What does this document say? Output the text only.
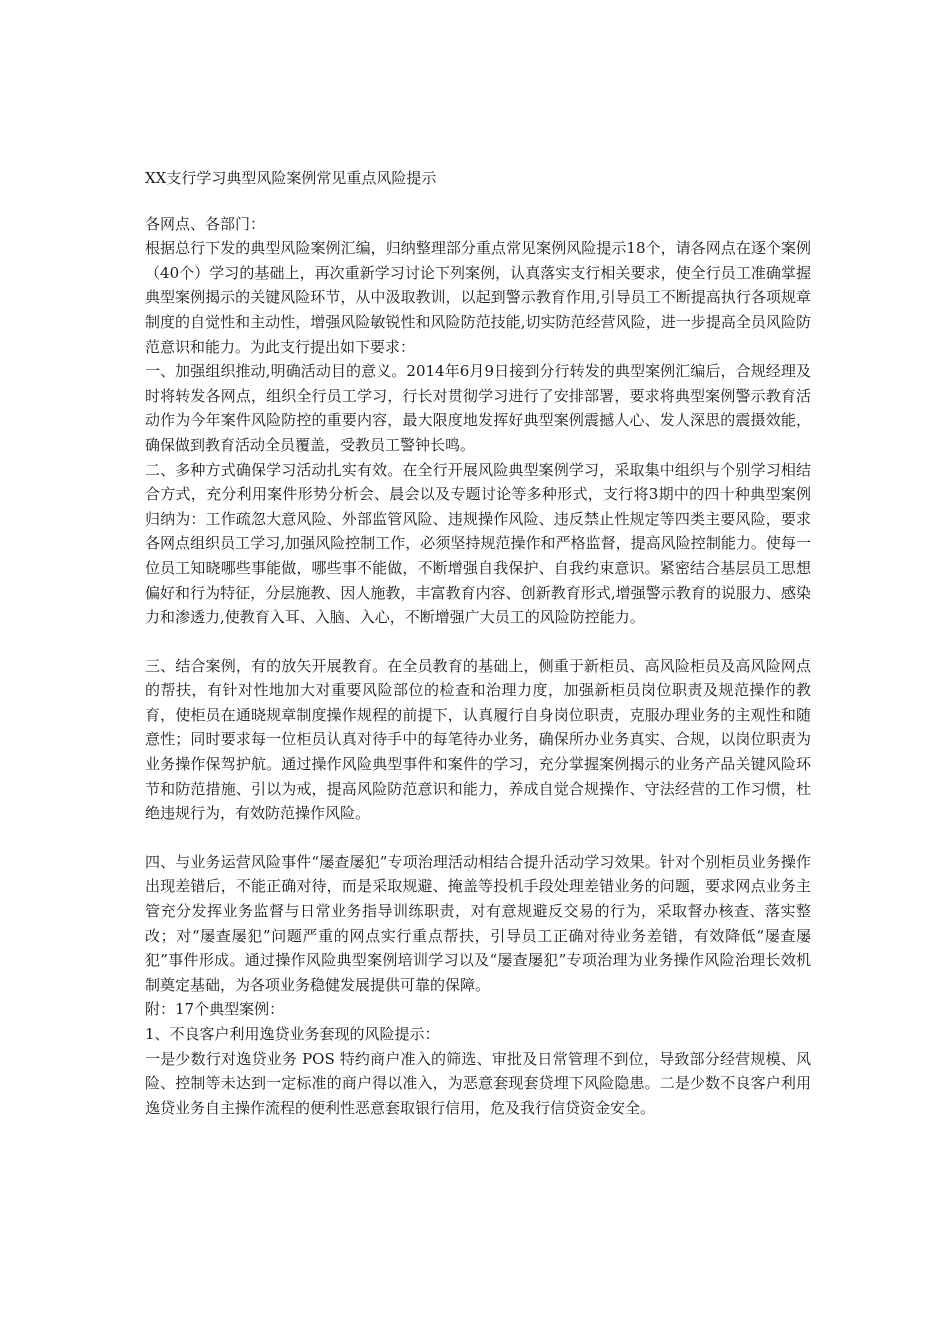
XX支行学习典型风险案例常见重点风险提示

各网点、各部门：

根据总行下发的典型风险案例汇编，归纳整理部分重点常见案例风险提示18个，请各网点在逐个案例（40个）学习的基础上，再次重新学习讨论下列案例，认真落实支行相关要求，使全行员工准确掌握典型案例揭示的关键风险环节，从中汲取教训，以起到警示教育作用,引导员工不断提高执行各项规章制度的自觉性和主动性，增强风险敏锐性和风险防范技能,切实防范经营风险，进一步提高全员风险防范意识和能力。为此支行提出如下要求：

一、加强组织推动,明确活动目的意义。2014年6月9日接到分行转发的典型案例汇编后，合规经理及时将转发各网点，组织全行员工学习，行长对贯彻学习进行了安排部署，要求将典型案例警示教育活动作为今年案件风险防控的重要内容，最大限度地发挥好典型案例震撼人心、发人深思的震摄效能，确保做到教育活动全员覆盖，受教员工警钟长鸣。

二、多种方式确保学习活动扎实有效。在全行开展风险典型案例学习，采取集中组织与个别学习相结合方式，充分利用案件形势分析会、晨会以及专题讨论等多种形式，支行将3期中的四十种典型案例归纳为：工作疏忽大意风险、外部监管风险、违规操作风险、违反禁止性规定等四类主要风险，要求各网点组织员工学习,加强风险控制工作，必须坚持规范操作和严格监督，提高风险控制能力。使每一位员工知晓哪些事能做，哪些事不能做，不断增强自我保护、自我约束意识。紧密结合基层员工思想偏好和行为特征，分层施教、因人施教，丰富教育内容、创新教育形式,增强警示教育的说服力、感染力和渗透力,使教育入耳、入脑、入心，不断增强广大员工的风险防控能力。

三、结合案例，有的放矢开展教育。在全员教育的基础上，侧重于新柜员、高风险柜员及高风险网点的帮扶，有针对性地加大对重要风险部位的检查和治理力度，加强新柜员岗位职责及规范操作的教育，使柜员在通晓规章制度操作规程的前提下，认真履行自身岗位职责，克服办理业务的主观性和随意性；同时要求每一位柜员认真对待手中的每笔待办业务，确保所办业务真实、合规，以岗位职责为业务操作保驾护航。通过操作风险典型事件和案件的学习，充分掌握案例揭示的业务产品关键风险环节和防范措施、引以为戒，提高风险防范意识和能力，养成自觉合规操作、守法经营的工作习惯，杜绝违规行为，有效防范操作风险。

四、与业务运营风险事件“屡查屡犯”专项治理活动相结合提升活动学习效果。针对个别柜员业务操作出现差错后，不能正确对待，而是采取规避、掩盖等投机手段处理差错业务的问题，要求网点业务主管充分发挥业务监督与日常业务指导训练职责，对有意规避反交易的行为，采取督办核查、落实整改；对“屡查屡犯”问题严重的网点实行重点帮扶，引导员工正确对待业务差错，有效降低“屡查屡犯”事件形成。通过操作风险典型案例培训学习以及“屡查屡犯”专项治理为业务操作风险治理长效机制奠定基础，为各项业务稳健发展提供可靠的保障。

附：17个典型案例：

1、不良客户利用逸贷业务套现的风险提示：

一是少数行对逸贷业务 POS 特约商户准入的筛选、审批及日常管理不到位，导致部分经营规模、风险、控制等未达到一定标准的商户得以准入，为恶意套现套贷埋下风险隐患。二是少数不良客户利用逸贷业务自主操作流程的便利性恶意套取银行信用，危及我行信贷资金安全。
